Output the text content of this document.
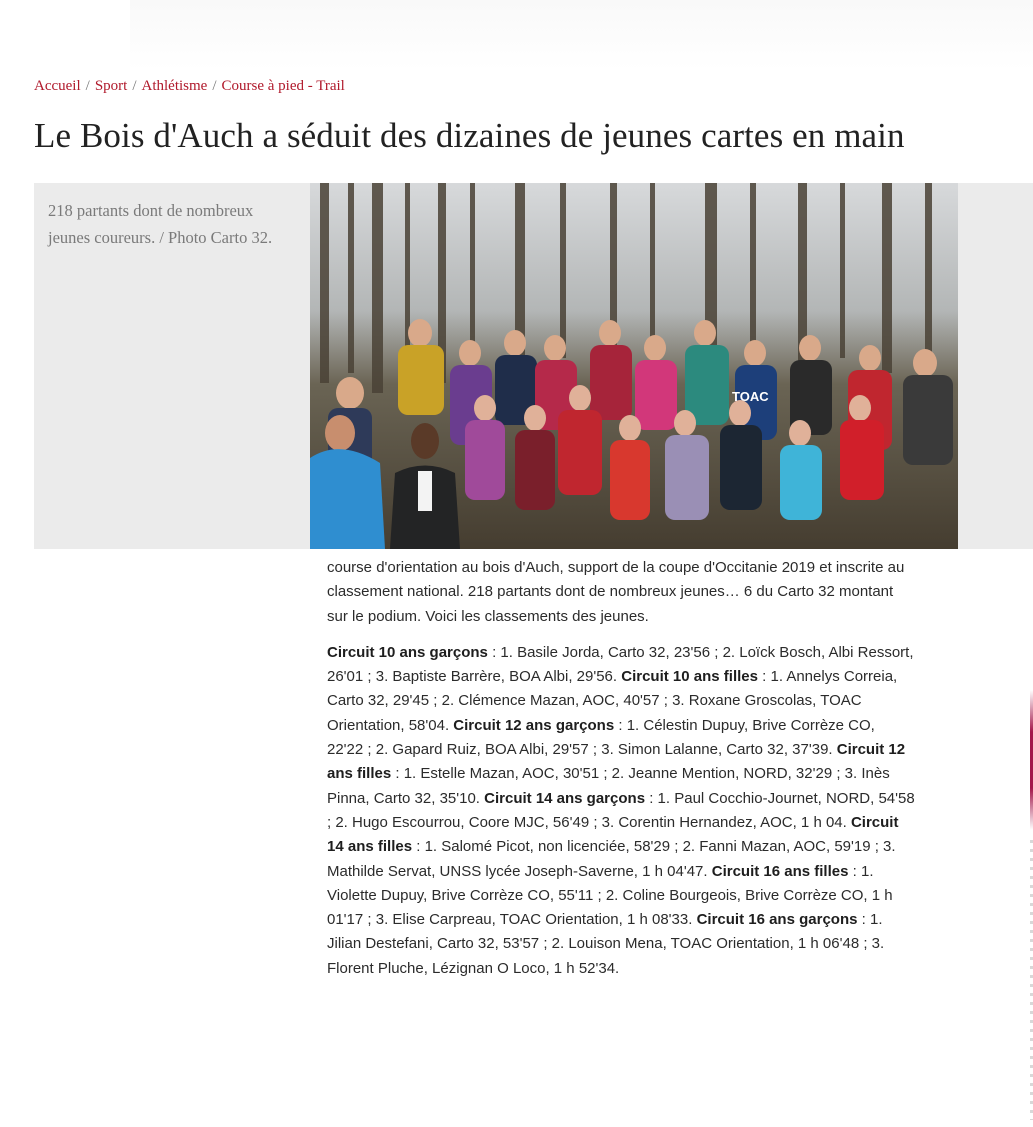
Accueil / Sport / Athlétisme / Course à pied - Trail
Le Bois d'Auch a séduit des dizaines de jeunes cartes en main
218 partants dont de nombreux jeunes coureurs. / Photo Carto 32.
TOAC

course d'orientation au bois d'Auch, support de la coupe d'Occitanie 2019 et inscrite au classement national. 218 partants dont de nombreux jeunes… 6 du Carto 32 montant sur le podium. Voici les classements des jeunes.

Circuit 10 ans garçons : 1. Basile Jorda, Carto 32, 23'56 ; 2. Loïck Bosch, Albi Ressort, 26'01 ; 3. Baptiste Barrère, BOA Albi, 29'56. Circuit 10 ans filles : 1. Annelys Correia, Carto 32, 29'45 ; 2. Clémence Mazan, AOC, 40'57 ; 3. Roxane Groscolas, TOAC Orientation, 58'04. Circuit 12 ans garçons : 1. Célestin Dupuy, Brive Corrèze CO, 22'22 ; 2. Gapard Ruiz, BOA Albi, 29'57 ; 3. Simon Lalanne, Carto 32, 37'39. Circuit 12 ans filles : 1. Estelle Mazan, AOC, 30'51 ; 2. Jeanne Mention, NORD, 32'29 ; 3. Inès Pinna, Carto 32, 35'10. Circuit 14 ans garçons : 1. Paul Cocchio-Journet, NORD, 54'58 ; 2. Hugo Escourrou, Coore MJC, 56'49 ; 3. Corentin Hernandez, AOC, 1 h 04. Circuit 14 ans filles : 1. Salomé Picot, non licenciée, 58'29 ; 2. Fanni Mazan, AOC, 59'19 ; 3. Mathilde Servat, UNSS lycée Joseph-Saverne, 1 h 04'47. Circuit 16 ans filles : 1. Violette Dupuy, Brive Corrèze CO, 55'11 ; 2. Coline Bourgeois, Brive Corrèze CO, 1 h 01'17 ; 3. Elise Carpreau, TOAC Orientation, 1 h 08'33. Circuit 16 ans garçons : 1. Jilian Destefani, Carto 32, 53'57 ; 2. Louison Mena, TOAC Orientation, 1 h 06'48 ; 3. Florent Pluche, Lézignan O Loco, 1 h 52'34.
